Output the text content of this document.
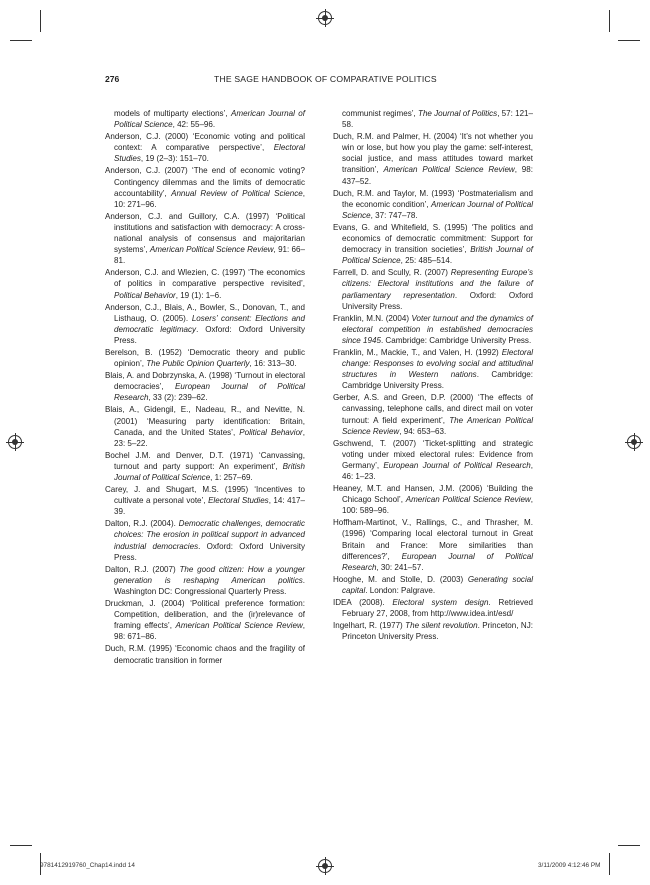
276	THE SAGE HANDBOOK OF COMPARATIVE POLITICS

models of multiparty elections’, American Journal of Political Science, 42: 55–96.

Anderson, C.J. (2000) ‘Economic voting and political context: A comparative perspective’, Electoral Studies, 19 (2–3): 151–70.

Anderson, C.J. (2007) ‘The end of economic voting? Contingency dilemmas and the limits of democratic accountability’, Annual Review of Political Science, 10: 271–96.

Anderson, C.J. and Guillory, C.A. (1997) ‘Political institutions and satisfaction with democracy: A cross-national analysis of consensus and majoritarian systems’, American Political Science Review, 91: 66–81.

Anderson, C.J. and Wlezien, C. (1997) ‘The economics of politics in comparative perspective revisited’, Political Behavior, 19 (1): 1–6.

Anderson, C.J., Blais, A., Bowler, S., Donovan, T., and Listhaug, O. (2005). Losers’ consent: Elections and democratic legitimacy. Oxford: Oxford University Press.

Berelson, B. (1952) ‘Democratic theory and public opinion’, The Public Opinion Quarterly, 16: 313–30.

Blais, A. and Dobrzynska, A. (1998) ‘Turnout in electoral democracies’, European Journal of Political Research, 33 (2): 239–62.

Blais, A., Gidengil, E., Nadeau, R., and Nevitte, N. (2001) ‘Measuring party identification: Britain, Canada, and the United States’, Political Behavior, 23: 5–22.

Bochel J.M. and Denver, D.T. (1971) ‘Canvassing, turnout and party support: An experiment’, British Journal of Political Science, 1: 257–69.

Carey, J. and Shugart, M.S. (1995) ‘Incentives to cultivate a personal vote’, Electoral Studies, 14: 417–39.

Dalton, R.J. (2004). Democratic challenges, democratic choices: The erosion in political support in advanced industrial democracies. Oxford: Oxford University Press.

Dalton, R.J. (2007) The good citizen: How a younger generation is reshaping American politics. Washington DC: Congressional Quarterly Press.

Druckman, J. (2004) ‘Political preference formation: Competition, deliberation, and the (ir)relevance of framing effects’, American Political Science Review, 98: 671–86.

Duch, R.M. (1995) ‘Economic chaos and the fragility of democratic transition in former

communist regimes’, The Journal of Politics, 57: 121–58.

Duch, R.M. and Palmer, H. (2004) ‘It’s not whether you win or lose, but how you play the game: self-interest, social justice, and mass attitudes toward market transition’, American Political Science Review, 98: 437–52.

Duch, R.M. and Taylor, M. (1993) ‘Postmaterialism and the economic condition’, American Journal of Political Science, 37: 747–78.

Evans, G. and Whitefield, S. (1995) ‘The politics and economics of democratic commitment: Support for democracy in transition societies’, British Journal of Political Science, 25: 485–514.

Farrell, D. and Scully, R. (2007) Representing Europe’s citizens: Electoral institutions and the failure of parliamentary representation. Oxford: Oxford University Press.

Franklin, M.N. (2004) Voter turnout and the dynamics of electoral competition in established democracies since 1945. Cambridge: Cambridge University Press.

Franklin, M., Mackie, T., and Valen, H. (1992) Electoral change: Responses to evolving social and attitudinal structures in Western nations. Cambridge: Cambridge University Press.

Gerber, A.S. and Green, D.P. (2000) ‘The effects of canvassing, telephone calls, and direct mail on voter turnout: A field experiment’, The American Political Science Review, 94: 653–63.

Gschwend, T. (2007) ‘Ticket-splitting and strategic voting under mixed electoral rules: Evidence from Germany’, European Journal of Political Research, 46: 1–23.

Heaney, M.T. and Hansen, J.M. (2006) ‘Building the Chicago School’, American Political Science Review, 100: 589–96.

Hoffham-Martinot, V., Rallings, C., and Thrasher, M. (1996) ‘Comparing local electoral turnout in Great Britain and France: More similarities than differences?’, European Journal of Political Research, 30: 241–57.

Hooghe, M. and Stolle, D. (2003) Generating social capital. London: Palgrave.

IDEA (2008). Electoral system design. Retrieved February 27, 2008, from http://www.idea.int/esd/

Ingelhart, R. (1977) The silent revolution. Princeton, NJ: Princeton University Press.

9781412919760_Chap14.indd 14	3/11/2009 4:12:46 PM
